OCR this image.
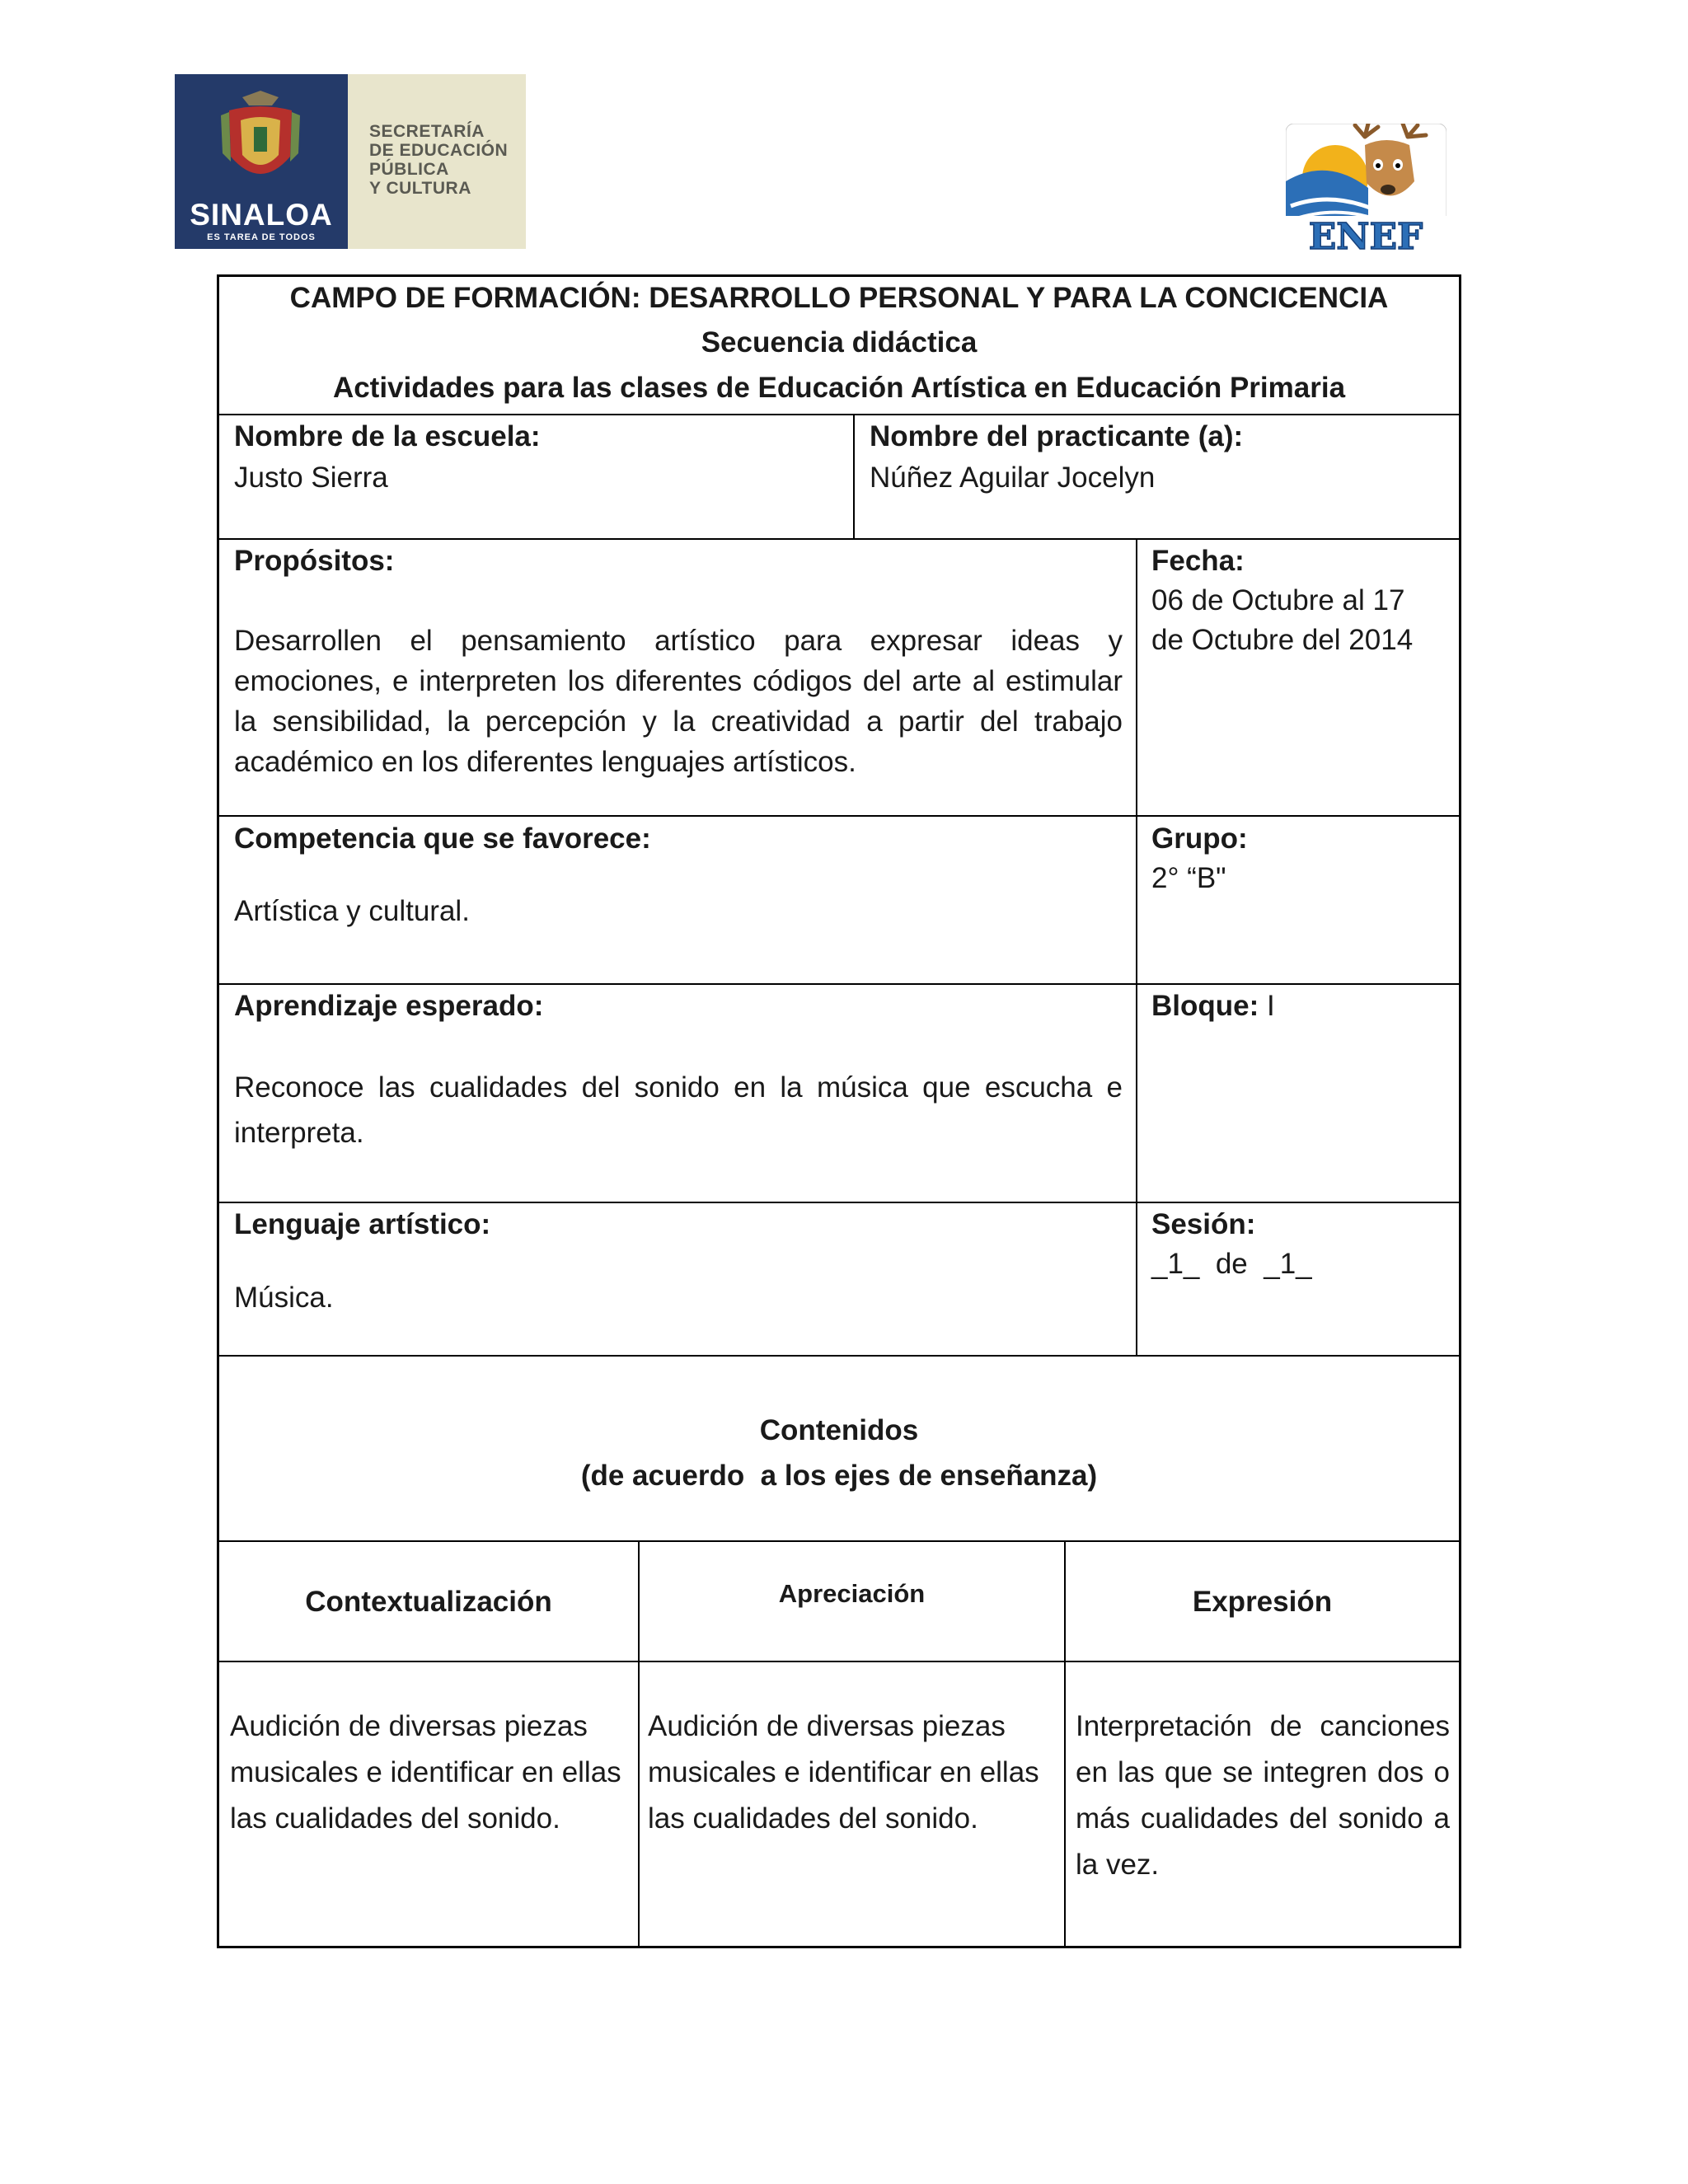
SINALOA
ES TAREA DE TODOS
SECRETARÍA
DE EDUCACIÓN
PÚBLICA
Y CULTURA
ENEF
CAMPO DE FORMACIÓN: DESARROLLO PERSONAL Y PARA LA CONCICENCIA
Secuencia didáctica
Actividades para las clases de Educación Artística en Educación Primaria
Nombre de la escuela:
Justo Sierra
Nombre del practicante (a):
Núñez Aguilar Jocelyn
Propósitos:
Desarrollen el pensamiento artístico para expresar ideas y emociones, e interpreten los diferentes códigos del arte al estimular la sensibilidad, la percepción y la creatividad a partir del trabajo académico en los diferentes lenguajes artísticos.
Fecha:
06 de Octubre al 17
de Octubre del 2014
Competencia que se favorece:
Artística y cultural.
Grupo:
2° “B"
Aprendizaje esperado:
Reconoce las cualidades del sonido en la música que escucha e interpreta.
Bloque: I
Lenguaje artístico:
Música.
Sesión:
_1_  de  _1_
Contenidos
(de acuerdo  a los ejes de enseñanza)
Contextualización	Apreciación	Expresión
Audición de diversas piezas musicales e identificar en ellas las cualidades del sonido.
Audición de diversas piezas musicales e identificar en ellas las cualidades del sonido.
Interpretación de canciones en las que se integren dos o más cualidades del sonido a la vez.
